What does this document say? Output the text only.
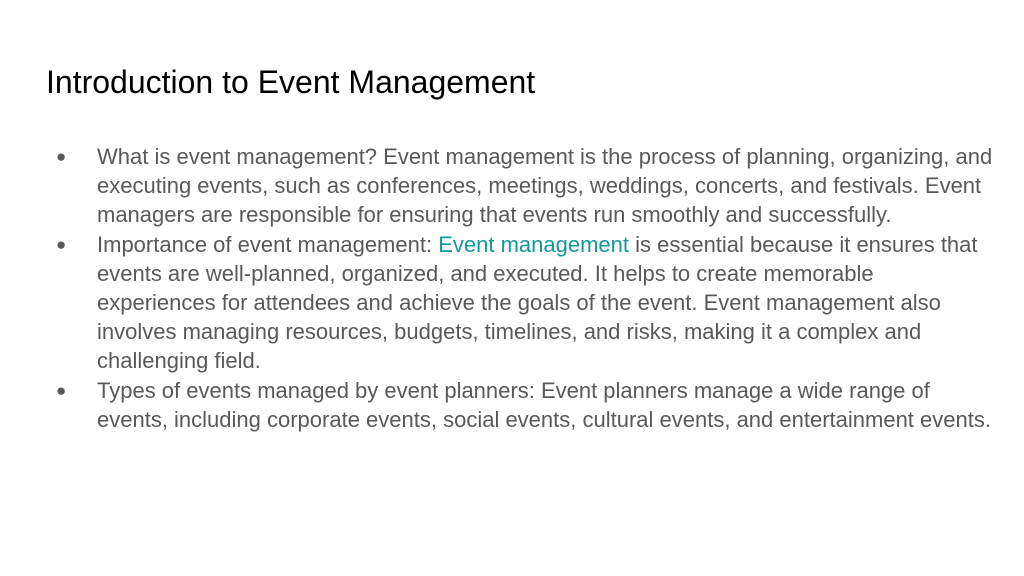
Introduction to Event Management
●	What is event management? Event management is the process of planning, organizing, and executing events, such as conferences, meetings, weddings, concerts, and festivals. Event managers are responsible for ensuring that events run smoothly and successfully.
●	Importance of event management: Event management is essential because it ensures that events are well-planned, organized, and executed. It helps to create memorable experiences for attendees and achieve the goals of the event. Event management also involves managing resources, budgets, timelines, and risks, making it a complex and challenging field.
●	Types of events managed by event planners: Event planners manage a wide range of events, including corporate events, social events, cultural events, and entertainment events.
